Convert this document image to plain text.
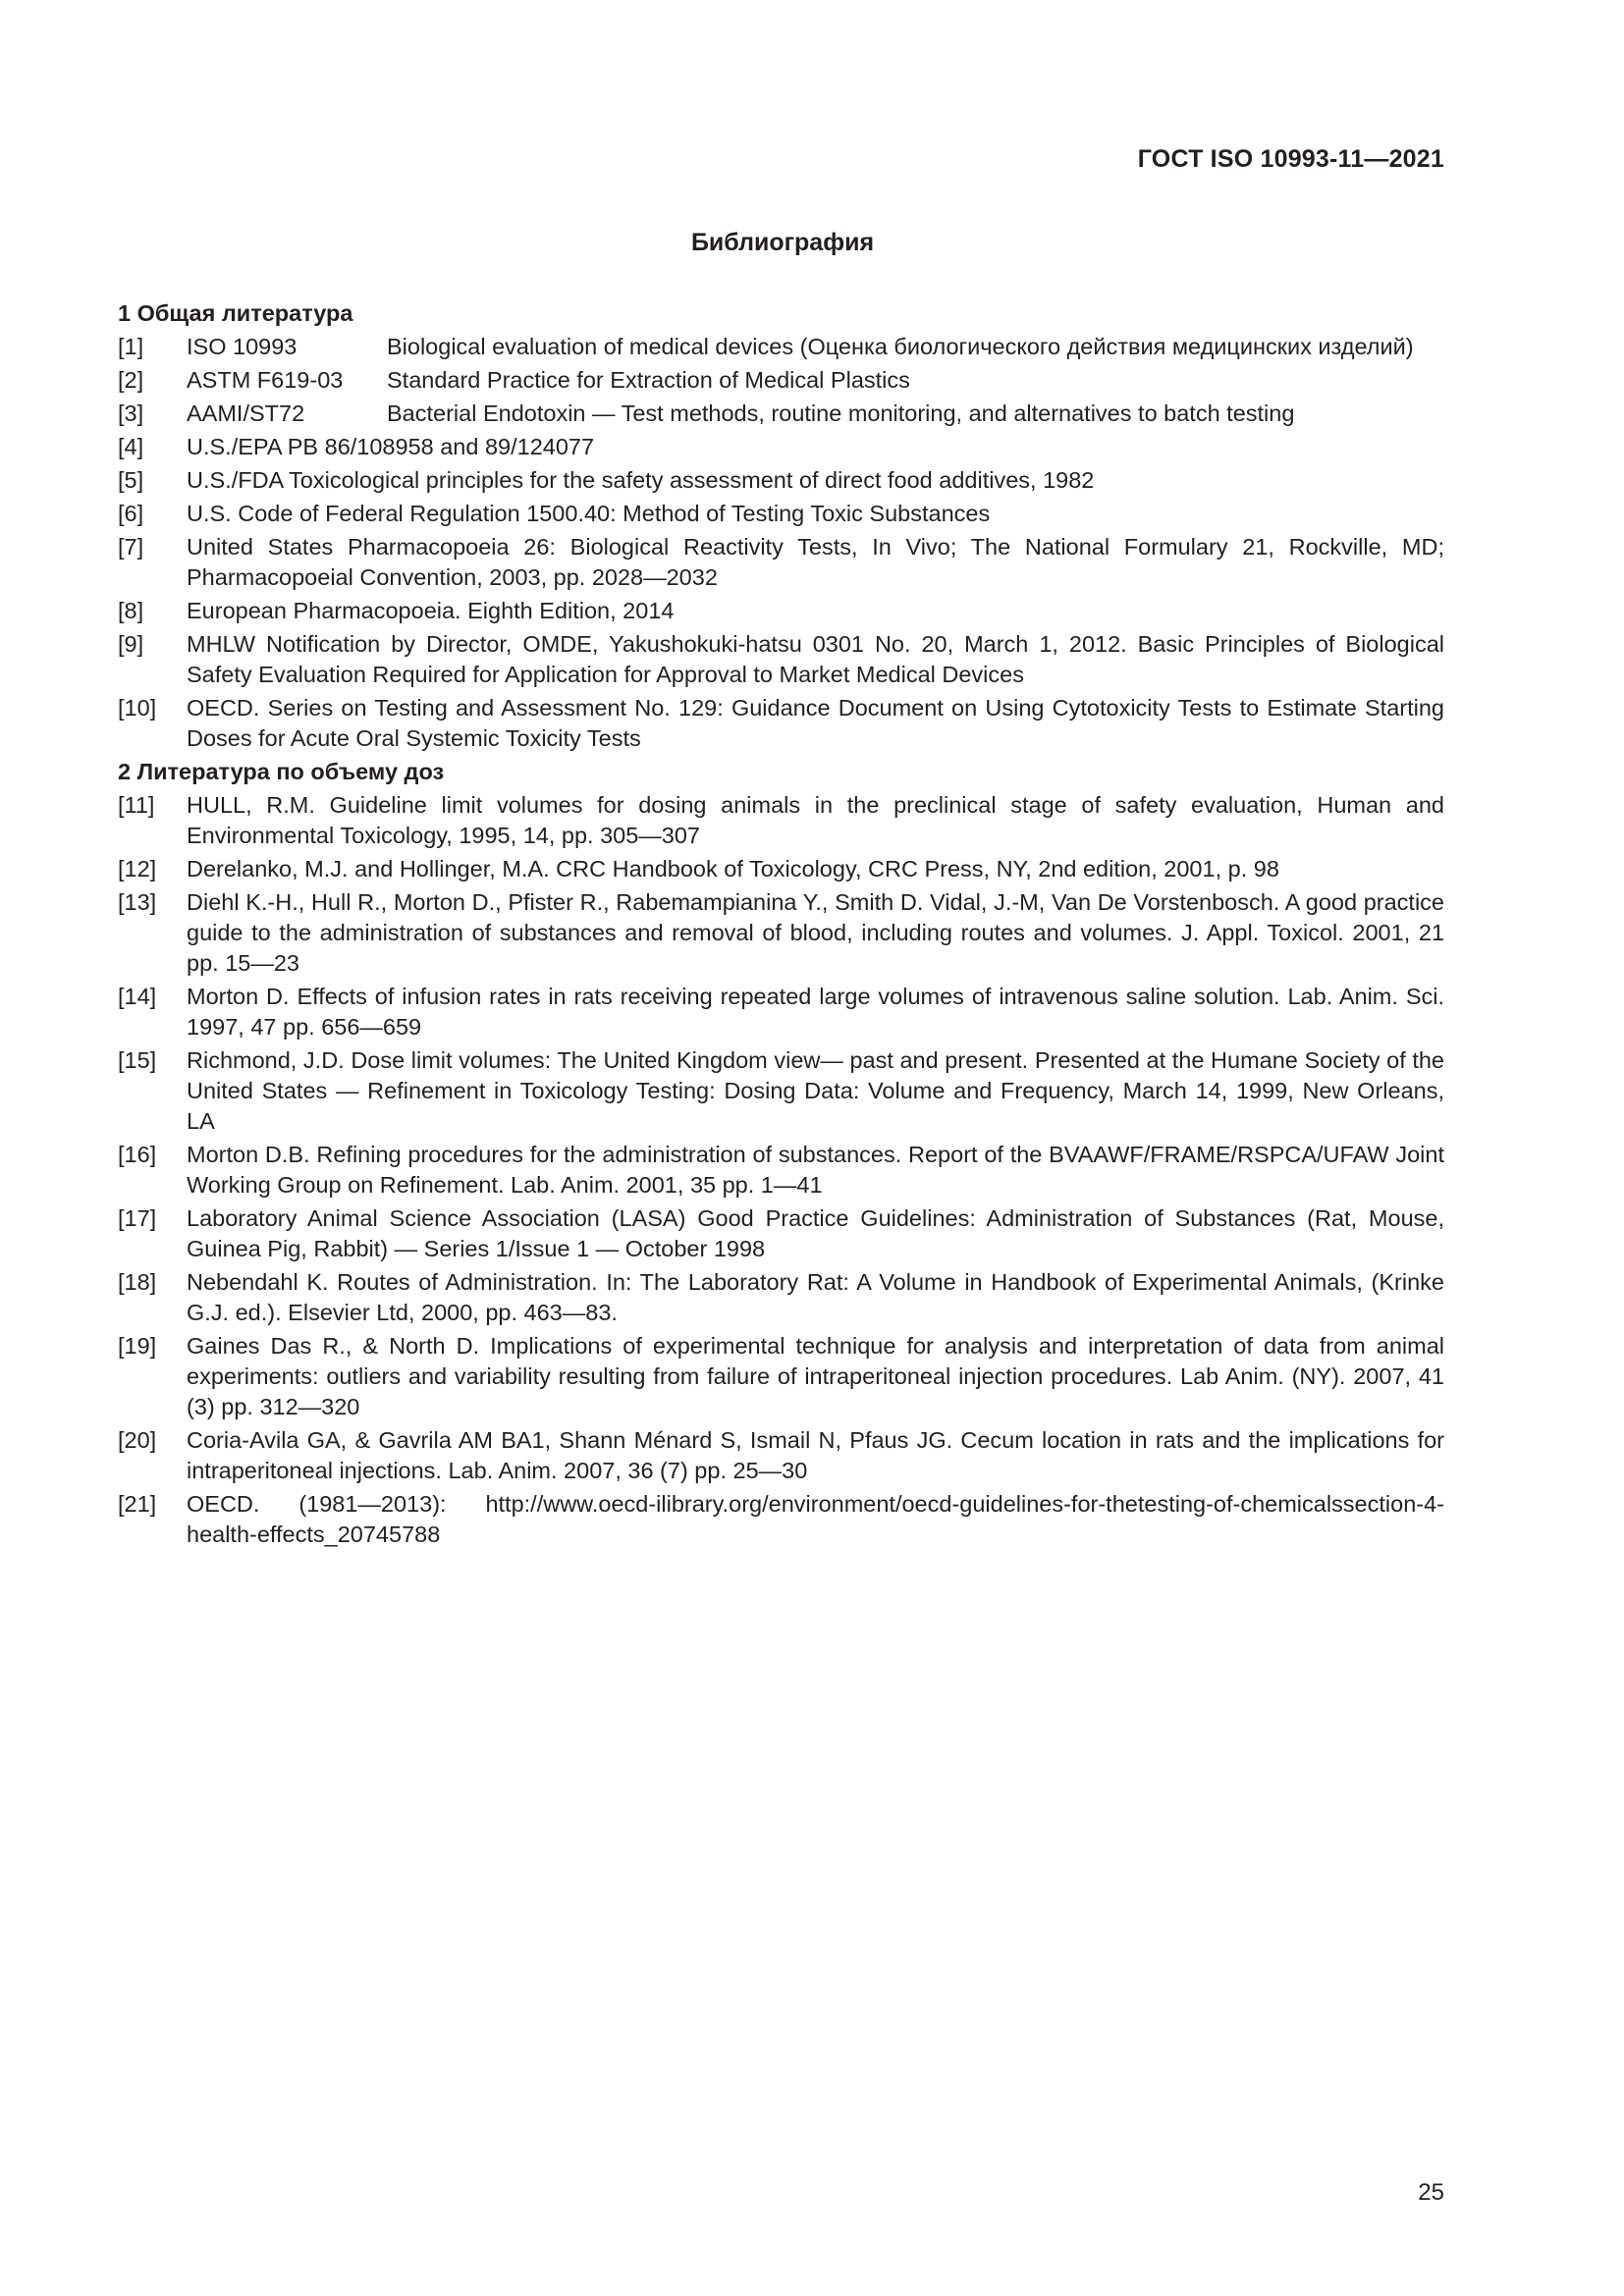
ГОСТ ISO 10993-11—2021
Библиография
1 Общая литература
[1]	ISO 10993	Biological evaluation of medical devices (Оценка биологического действия медицинских изделий)
[2]	ASTM F619-03	Standard Practice for Extraction of Medical Plastics
[3]	AAMI/ST72	Bacterial Endotoxin — Test methods, routine monitoring, and alternatives to batch testing
[4]	U.S./EPA PB 86/108958 and 89/124077
[5]	U.S./FDA Toxicological principles for the safety assessment of direct food additives, 1982
[6]	U.S. Code of Federal Regulation 1500.40: Method of Testing Toxic Substances
[7]	United States Pharmacopoeia 26: Biological Reactivity Tests, In Vivo; The National Formulary 21, Rockville, MD; Pharmacopoeial Convention, 2003, pp. 2028—2032
[8]	European Pharmacopoeia. Eighth Edition, 2014
[9]	MHLW Notification by Director, OMDE, Yakushokuki-hatsu 0301 No. 20, March 1, 2012. Basic Principles of Biological Safety Evaluation Required for Application for Approval to Market Medical Devices
[10]	OECD. Series on Testing and Assessment No. 129: Guidance Document on Using Cytotoxicity Tests to Estimate Starting Doses for Acute Oral Systemic Toxicity Tests
2 Литература по объему доз
[11]	HULL, R.M. Guideline limit volumes for dosing animals in the preclinical stage of safety evaluation, Human and Environmental Toxicology, 1995, 14, pp. 305—307
[12]	Derelanko, M.J. and Hollinger, M.A. CRC Handbook of Toxicology, CRC Press, NY, 2nd edition, 2001, p. 98
[13]	Diehl K.-H., Hull R., Morton D., Pfister R., Rabemampianina Y., Smith D. Vidal, J.-M, Van De Vorstenbosch. A good practice guide to the administration of substances and removal of blood, including routes and volumes. J. Appl. Toxicol. 2001, 21 pp. 15—23
[14]	Morton D. Effects of infusion rates in rats receiving repeated large volumes of intravenous saline solution. Lab. Anim. Sci. 1997, 47 pp. 656—659
[15]	Richmond, J.D. Dose limit volumes: The United Kingdom view— past and present. Presented at the Humane Society of the United States — Refinement in Toxicology Testing: Dosing Data: Volume and Frequency, March 14, 1999, New Orleans, LA
[16]	Morton D.B. Refining procedures for the administration of substances. Report of the BVAAWF/FRAME/RSPCA/UFAW Joint Working Group on Refinement. Lab. Anim. 2001, 35 pp. 1—41
[17]	Laboratory Animal Science Association (LASA) Good Practice Guidelines: Administration of Substances (Rat, Mouse, Guinea Pig, Rabbit) — Series 1/Issue 1 — October 1998
[18]	Nebendahl K. Routes of Administration. In: The Laboratory Rat: A Volume in Handbook of Experimental Animals, (Krinke G.J. ed.). Elsevier Ltd, 2000, pp. 463—83.
[19]	Gaines Das R., & North D. Implications of experimental technique for analysis and interpretation of data from animal experiments: outliers and variability resulting from failure of intraperitoneal injection procedures. Lab Anim. (NY). 2007, 41 (3) pp. 312—320
[20]	Coria-Avila GA, & Gavrila AM BA1, Shann Ménard S, Ismail N, Pfaus JG. Cecum location in rats and the implications for intraperitoneal injections. Lab. Anim. 2007, 36 (7) pp. 25—30
[21]	OECD. (1981—2013): http://www.oecd-ilibrary.org/environment/oecd-guidelines-for-thetesting-of-chemicalssection-4-health-effects_20745788
25
